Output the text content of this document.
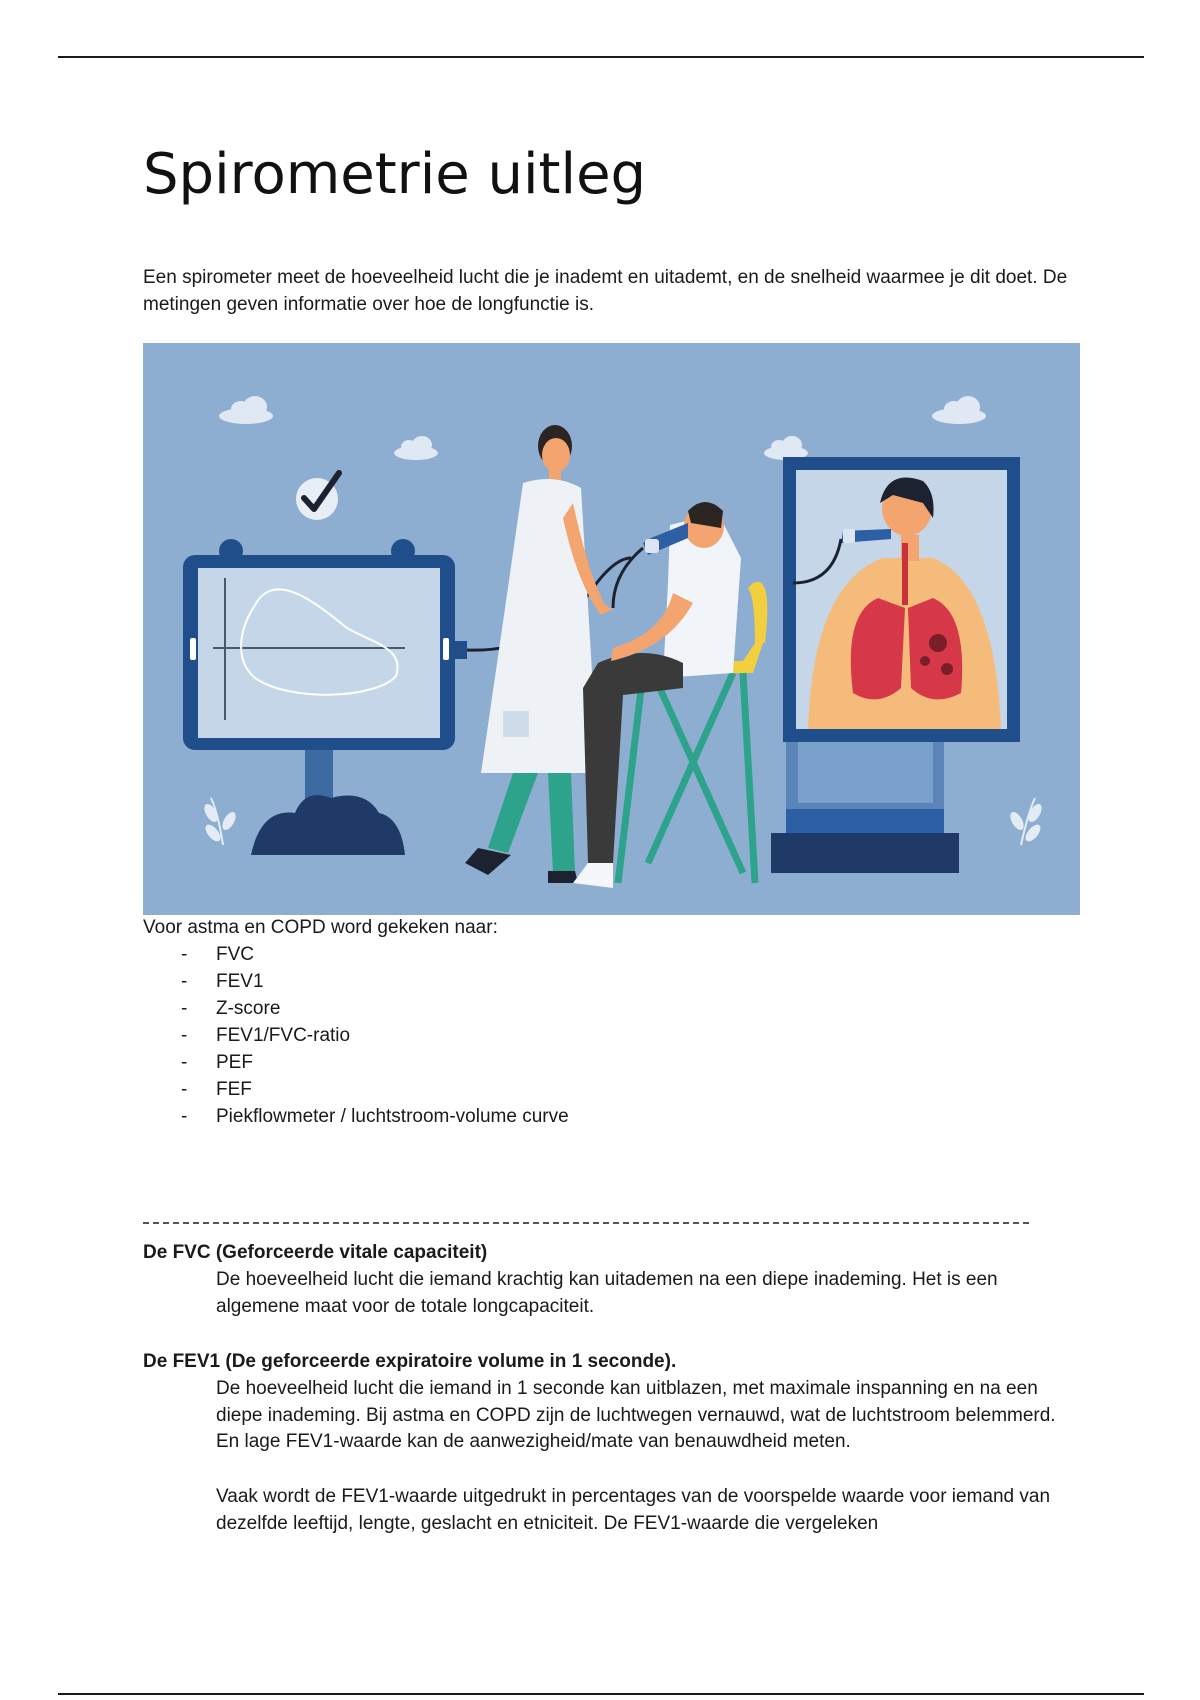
Spirometrie uitleg

Een spirometer meet de hoeveelheid lucht die je inademt en uitademt, en de snelheid waarmee je dit doet. De metingen geven informatie over hoe de longfunctie is.

Voor astma en COPD word gekeken naar:

- FVC
- FEV1
- Z-score
- FEV1/FVC-ratio
- PEF
- FEF
- Piekflowmeter / luchtstroom-volume curve
De FVC (Geforceerde vitale capaciteit)

De hoeveelheid lucht die iemand krachtig kan uitademen na een diepe inademing. Het is een algemene maat voor de totale longcapaciteit.

De FEV1 (De geforceerde expiratoire volume in 1 seconde).

De hoeveelheid lucht die iemand in 1 seconde kan uitblazen, met maximale inspanning en na een diepe inademing. Bij astma en COPD zijn de luchtwegen vernauwd, wat de luchtstroom belemmerd. En lage FEV1-waarde kan de aanwezigheid/mate van benauwdheid meten.

Vaak wordt de FEV1-waarde uitgedrukt in percentages van de voorspelde waarde voor iemand van dezelfde leeftijd, lengte, geslacht en etniciteit. De FEV1-waarde die vergeleken
